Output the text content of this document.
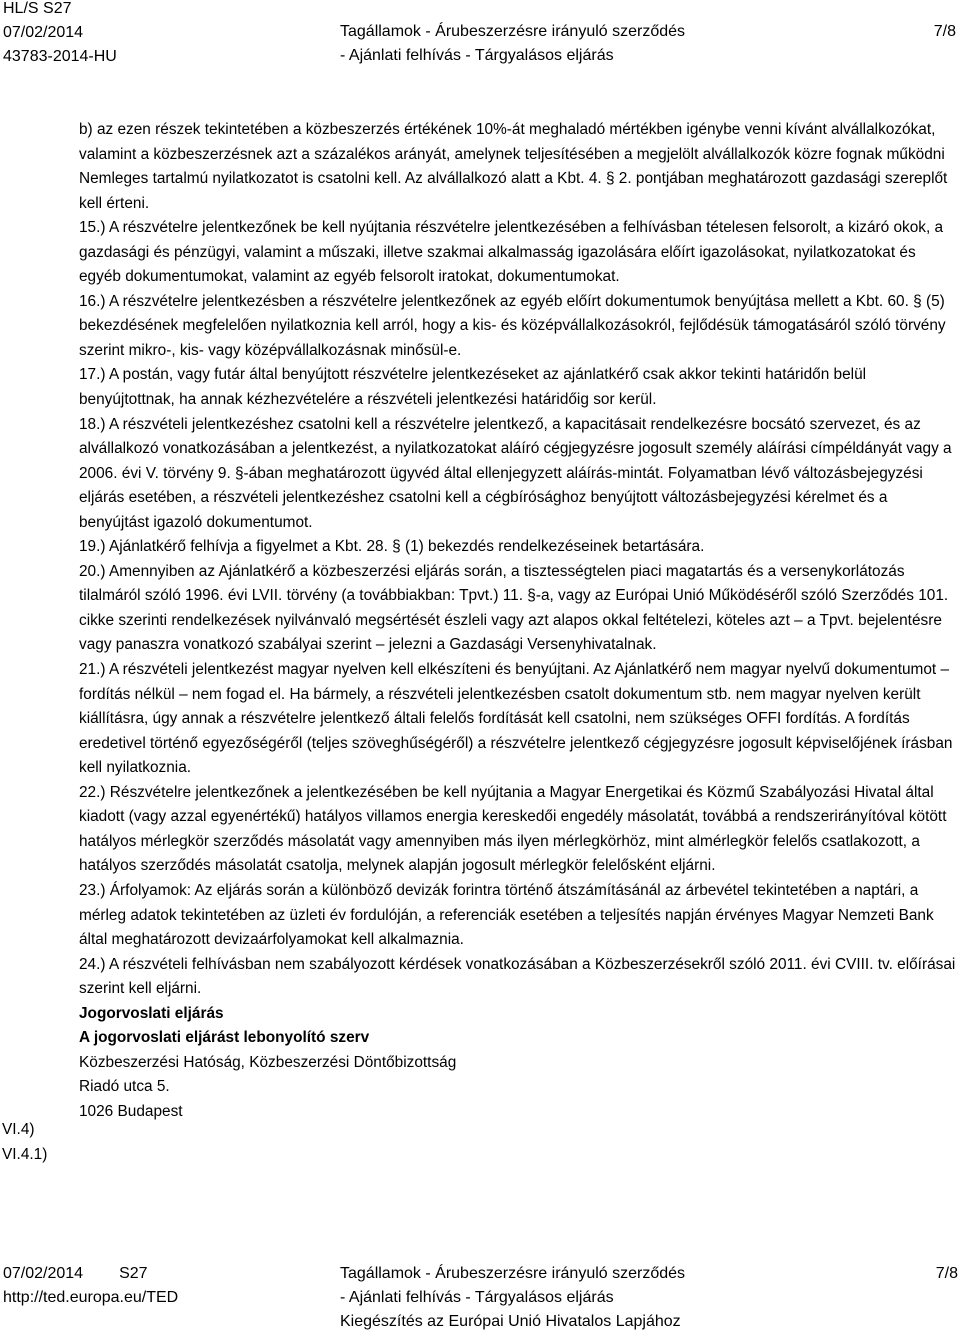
HL/S S27
07/02/2014
43783-2014-HU
Tagállamok - Árubeszerzésre irányuló szerződés
- Ajánlati felhívás - Tárgyalásos eljárás
7/8

b) az ezen részek tekintetében a közbeszerzés értékének 10%-át meghaladó mértékben igénybe venni kívánt alvállalkozókat, valamint a közbeszerzésnek azt a százalékos arányát, amelynek teljesítésében a megjelölt alvállalkozók közre fognak működni

Nemleges tartalmú nyilatkozatot is csatolni kell. Az alvállalkozó alatt a Kbt. 4. § 2. pontjában meghatározott gazdasági szereplőt kell érteni.

15.) A részvételre jelentkezőnek be kell nyújtania részvételre jelentkezésében a felhívásban tételesen felsorolt, a kizáró okok, a gazdasági és pénzügyi, valamint a műszaki, illetve szakmai alkalmasság igazolására előírt igazolásokat, nyilatkozatokat és egyéb dokumentumokat, valamint az egyéb felsorolt iratokat, dokumentumokat.

16.) A részvételre jelentkezésben a részvételre jelentkezőnek az egyéb előírt dokumentumok benyújtása mellett a Kbt. 60. § (5) bekezdésének megfelelően nyilatkoznia kell arról, hogy a kis- és középvállalkozásokról, fejlődésük támogatásáról szóló törvény szerint mikro-, kis- vagy középvállalkozásnak minősül-e.

17.) A postán, vagy futár által benyújtott részvételre jelentkezéseket az ajánlatkérő csak akkor tekinti határidőn belül benyújtottnak, ha annak kézhezvételére a részvételi jelentkezési határidőig sor kerül.

18.) A részvételi jelentkezéshez csatolni kell a részvételre jelentkező, a kapacitásait rendelkezésre bocsátó szervezet, és az alvállalkozó vonatkozásában a jelentkezést, a nyilatkozatokat aláíró cégjegyzésre jogosult személy aláírási címpéldányát vagy a 2006. évi V. törvény 9. §-ában meghatározott ügyvéd által ellenjegyzett aláírás-mintát. Folyamatban lévő változásbejegyzési eljárás esetében, a részvételi jelentkezéshez csatolni kell a cégbírósághoz benyújtott változásbejegyzési kérelmet és a benyújtást igazoló dokumentumot.

19.) Ajánlatkérő felhívja a figyelmet a Kbt. 28. § (1) bekezdés rendelkezéseinek betartására.

20.) Amennyiben az Ajánlatkérő a közbeszerzési eljárás során, a tisztességtelen piaci magatartás és a versenykorlátozás tilalmáról szóló 1996. évi LVII. törvény (a továbbiakban: Tpvt.) 11. §-a, vagy az Európai Unió Működéséről szóló Szerződés 101. cikke szerinti rendelkezések nyilvánvaló megsértését észleli vagy azt alapos okkal feltételezi, köteles azt – a Tpvt. bejelentésre vagy panaszra vonatkozó szabályai szerint – jelezni a Gazdasági Versenyhivatalnak.

21.) A részvételi jelentkezést magyar nyelven kell elkészíteni és benyújtani. Az Ajánlatkérő nem magyar nyelvű dokumentumot – fordítás nélkül – nem fogad el. Ha bármely, a részvételi jelentkezésben csatolt dokumentum stb. nem magyar nyelven került kiállításra, úgy annak a részvételre jelentkező általi felelős fordítását kell csatolni, nem szükséges OFFI fordítás. A fordítás eredetivel történő egyezőségéről (teljes szöveghűségéről) a részvételre jelentkező cégjegyzésre jogosult képviselőjének írásban kell nyilatkoznia.

22.) Részvételre jelentkezőnek a jelentkezésében be kell nyújtania a Magyar Energetikai és Közmű Szabályozási Hivatal által kiadott (vagy azzal egyenértékű) hatályos villamos energia kereskedői engedély másolatát, továbbá a rendszerirányítóval kötött hatályos mérlegkör szerződés másolatát vagy amennyiben más ilyen mérlegkörhöz, mint almérlegkör felelős csatlakozott, a hatályos szerződés másolatát csatolja, melynek alapján jogosult mérlegkör felelősként eljárni.

23.) Árfolyamok: Az eljárás során a különböző devizák forintra történő átszámításánál az árbevétel tekintetében a naptári, a mérleg adatok tekintetében az üzleti év fordulóján, a referenciák esetében a teljesítés napján érvényes Magyar Nemzeti Bank által meghatározott devizaárfolyamokat kell alkalmaznia.

24.) A részvételi felhívásban nem szabályozott kérdések vonatkozásában a Közbeszerzésekről szóló 2011. évi CVIII. tv. előírásai szerint kell eljárni.

Jogorvoslati eljárás

A jogorvoslati eljárást lebonyolító szerv

Közbeszerzési Hatóság, Közbeszerzési Döntőbizottság

Riadó utca 5.

1026 Budapest

VI.4)
VI.4.1)
07/02/2014 S27
http://ted.europa.eu/TED
Tagállamok - Árubeszerzésre irányuló szerződés
- Ajánlati felhívás - Tárgyalásos eljárás
Kiegészítés az Európai Unió Hivatalos Lapjához
7/8
